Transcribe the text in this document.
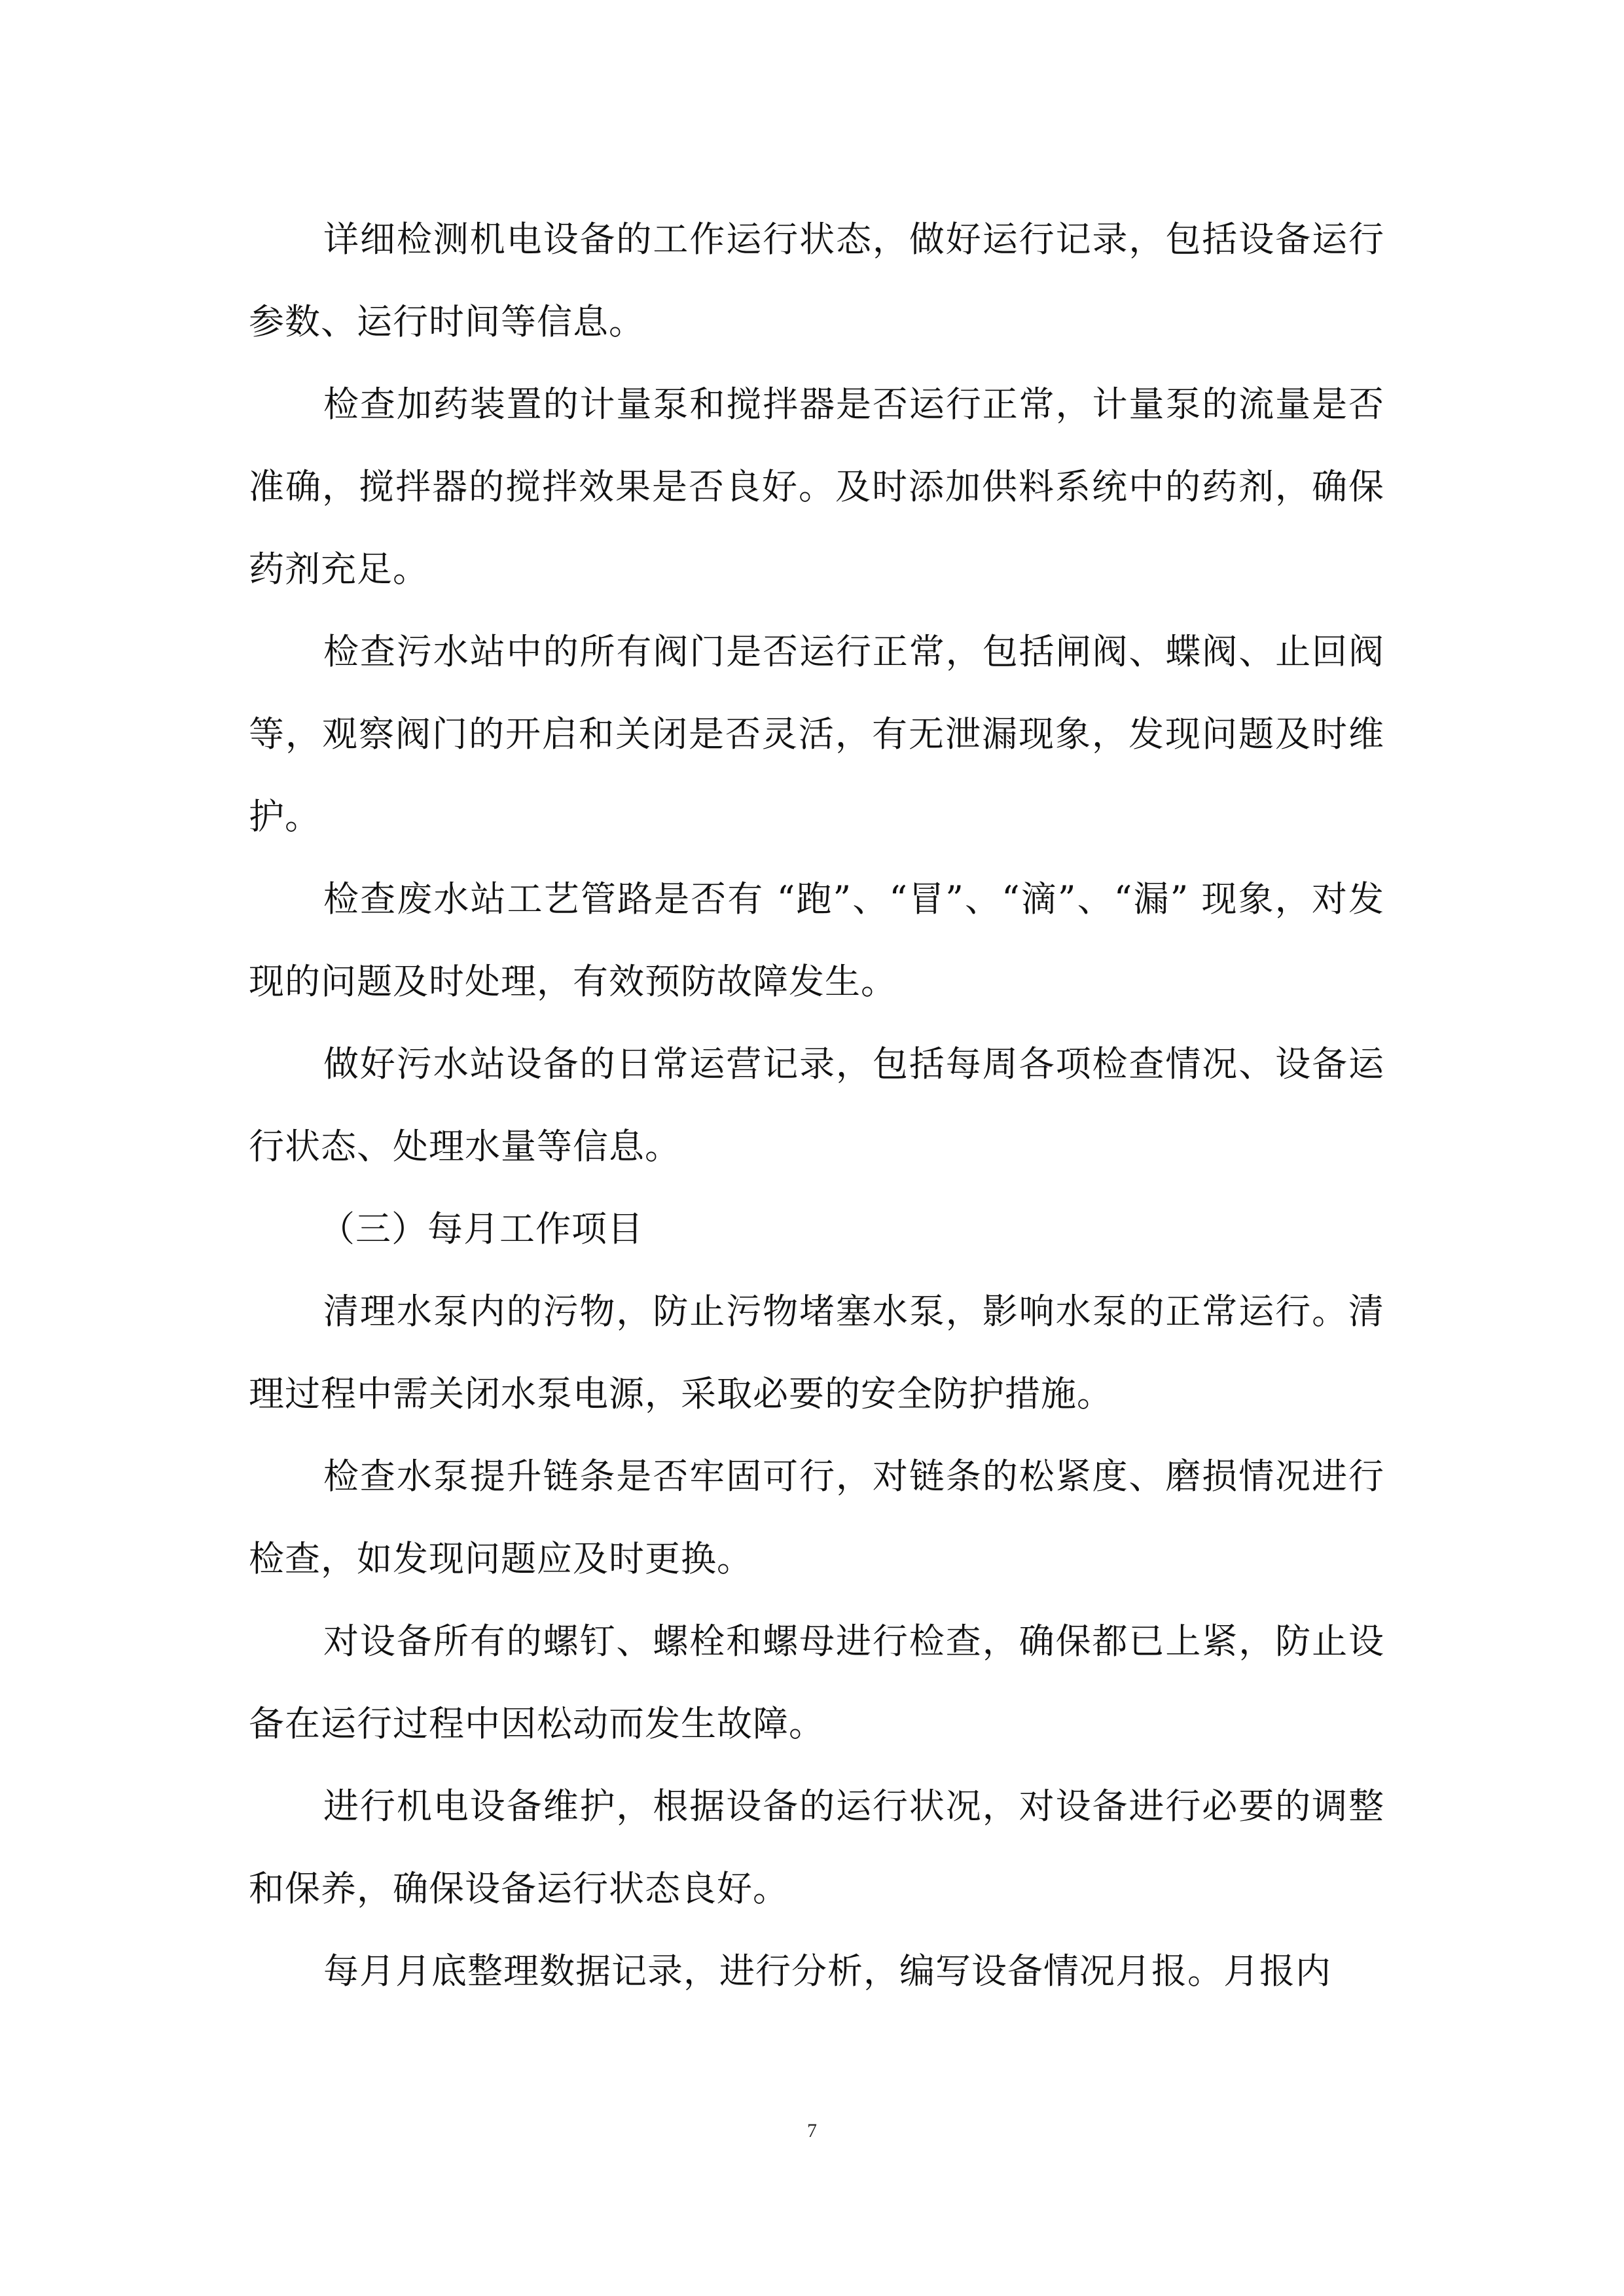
详细检测机电设备的工作运行状态，做好运行记录，包括设备运行参数、运行时间等信息。

检查加药装置的计量泵和搅拌器是否运行正常，计量泵的流量是否准确，搅拌器的搅拌效果是否良好。及时添加供料系统中的药剂，确保药剂充足。

检查污水站中的所有阀门是否运行正常，包括闸阀、蝶阀、止回阀等，观察阀门的开启和关闭是否灵活，有无泄漏现象，发现问题及时维护。

检查废水站工艺管路是否有 “跑”、“冒”、“滴”、“漏” 现象，对发现的问题及时处理，有效预防故障发生。

做好污水站设备的日常运营记录，包括每周各项检查情况、设备运行状态、处理水量等信息。

（三）每月工作项目

清理水泵内的污物，防止污物堵塞水泵，影响水泵的正常运行。清理过程中需关闭水泵电源，采取必要的安全防护措施。

检查水泵提升链条是否牢固可行，对链条的松紧度、磨损情况进行检查，如发现问题应及时更换。

对设备所有的螺钉、螺栓和螺母进行检查，确保都已上紧，防止设备在运行过程中因松动而发生故障。

进行机电设备维护，根据设备的运行状况，对设备进行必要的调整和保养，确保设备运行状态良好。

每月月底整理数据记录，进行分析，编写设备情况月报。月报内

7
